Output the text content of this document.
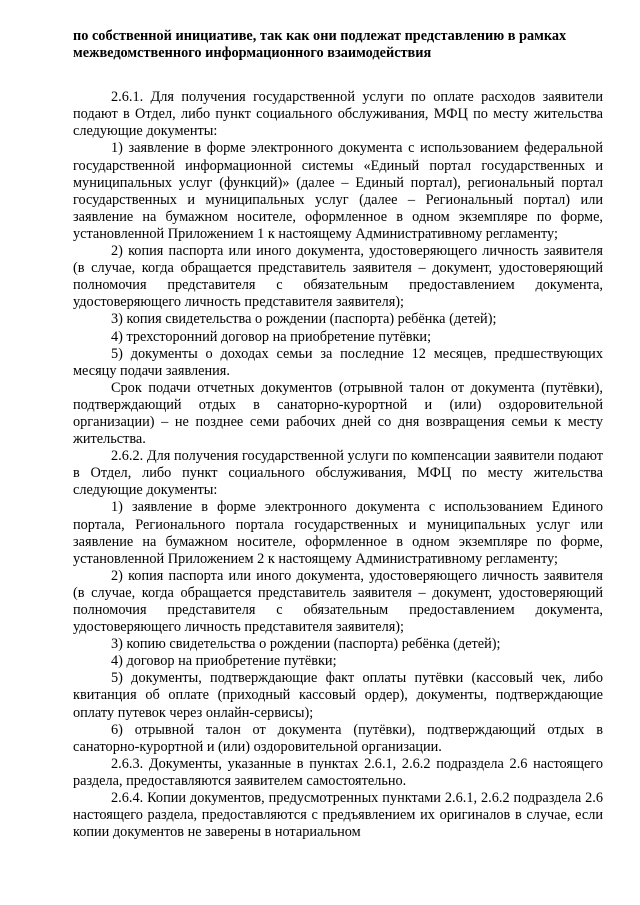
по собственной инициативе, так как они подлежат представлению в рамках
межведомственного информационного взаимодействия

2.6.1. Для получения государственной услуги по оплате расходов заявители подают в Отдел, либо пункт социального обслуживания, МФЦ по месту жительства следующие документы:

1) заявление в форме электронного документа с использованием федеральной государственной информационной системы «Единый портал государственных и муниципальных услуг (функций)» (далее – Единый портал), региональный портал государственных и муниципальных услуг (далее – Региональный портал) или заявление на бумажном носителе, оформленное в одном экземпляре по форме, установленной Приложением 1 к настоящему Административному регламенту;

2) копия паспорта или иного документа, удостоверяющего личность заявителя (в случае, когда обращается представитель заявителя – документ, удостоверяющий полномочия представителя с обязательным предоставлением документа, удостоверяющего личность представителя заявителя);

3) копия свидетельства о рождении (паспорта) ребёнка (детей);

4) трехсторонний договор на приобретение путёвки;

5) документы о доходах семьи за последние 12 месяцев, предшествующих месяцу подачи заявления.

Срок подачи отчетных документов (отрывной талон от документа (путёвки), подтверждающий отдых в санаторно-курортной и (или) оздоровительной организации) – не позднее семи рабочих дней со дня возвращения семьи к месту жительства.

2.6.2. Для получения государственной услуги по компенсации заявители подают в Отдел, либо пункт социального обслуживания, МФЦ по месту жительства следующие документы:

1) заявление в форме электронного документа с использованием Единого портала, Регионального портала государственных и муниципальных услуг или заявление на бумажном носителе, оформленное в одном экземпляре по форме, установленной Приложением 2 к настоящему Административному регламенту;

2) копия паспорта или иного документа, удостоверяющего личность заявителя (в случае, когда обращается представитель заявителя – документ, удостоверяющий полномочия представителя с обязательным предоставлением документа, удостоверяющего личность представителя заявителя);

3) копию свидетельства о рождении (паспорта) ребёнка (детей);

4) договор на приобретение путёвки;

5) документы, подтверждающие факт оплаты путёвки (кассовый чек, либо квитанция об оплате (приходный кассовый ордер), документы, подтверждающие оплату путевок через онлайн-сервисы);

6) отрывной талон от документа (путёвки), подтверждающий отдых в санаторно-курортной и (или) оздоровительной организации.

2.6.3. Документы, указанные в пунктах 2.6.1, 2.6.2 подраздела 2.6 настоящего раздела, предоставляются заявителем самостоятельно.

2.6.4. Копии документов, предусмотренных пунктами 2.6.1, 2.6.2 подраздела 2.6 настоящего раздела, предоставляются с предъявлением их оригиналов в случае, если копии документов не заверены в нотариальном
